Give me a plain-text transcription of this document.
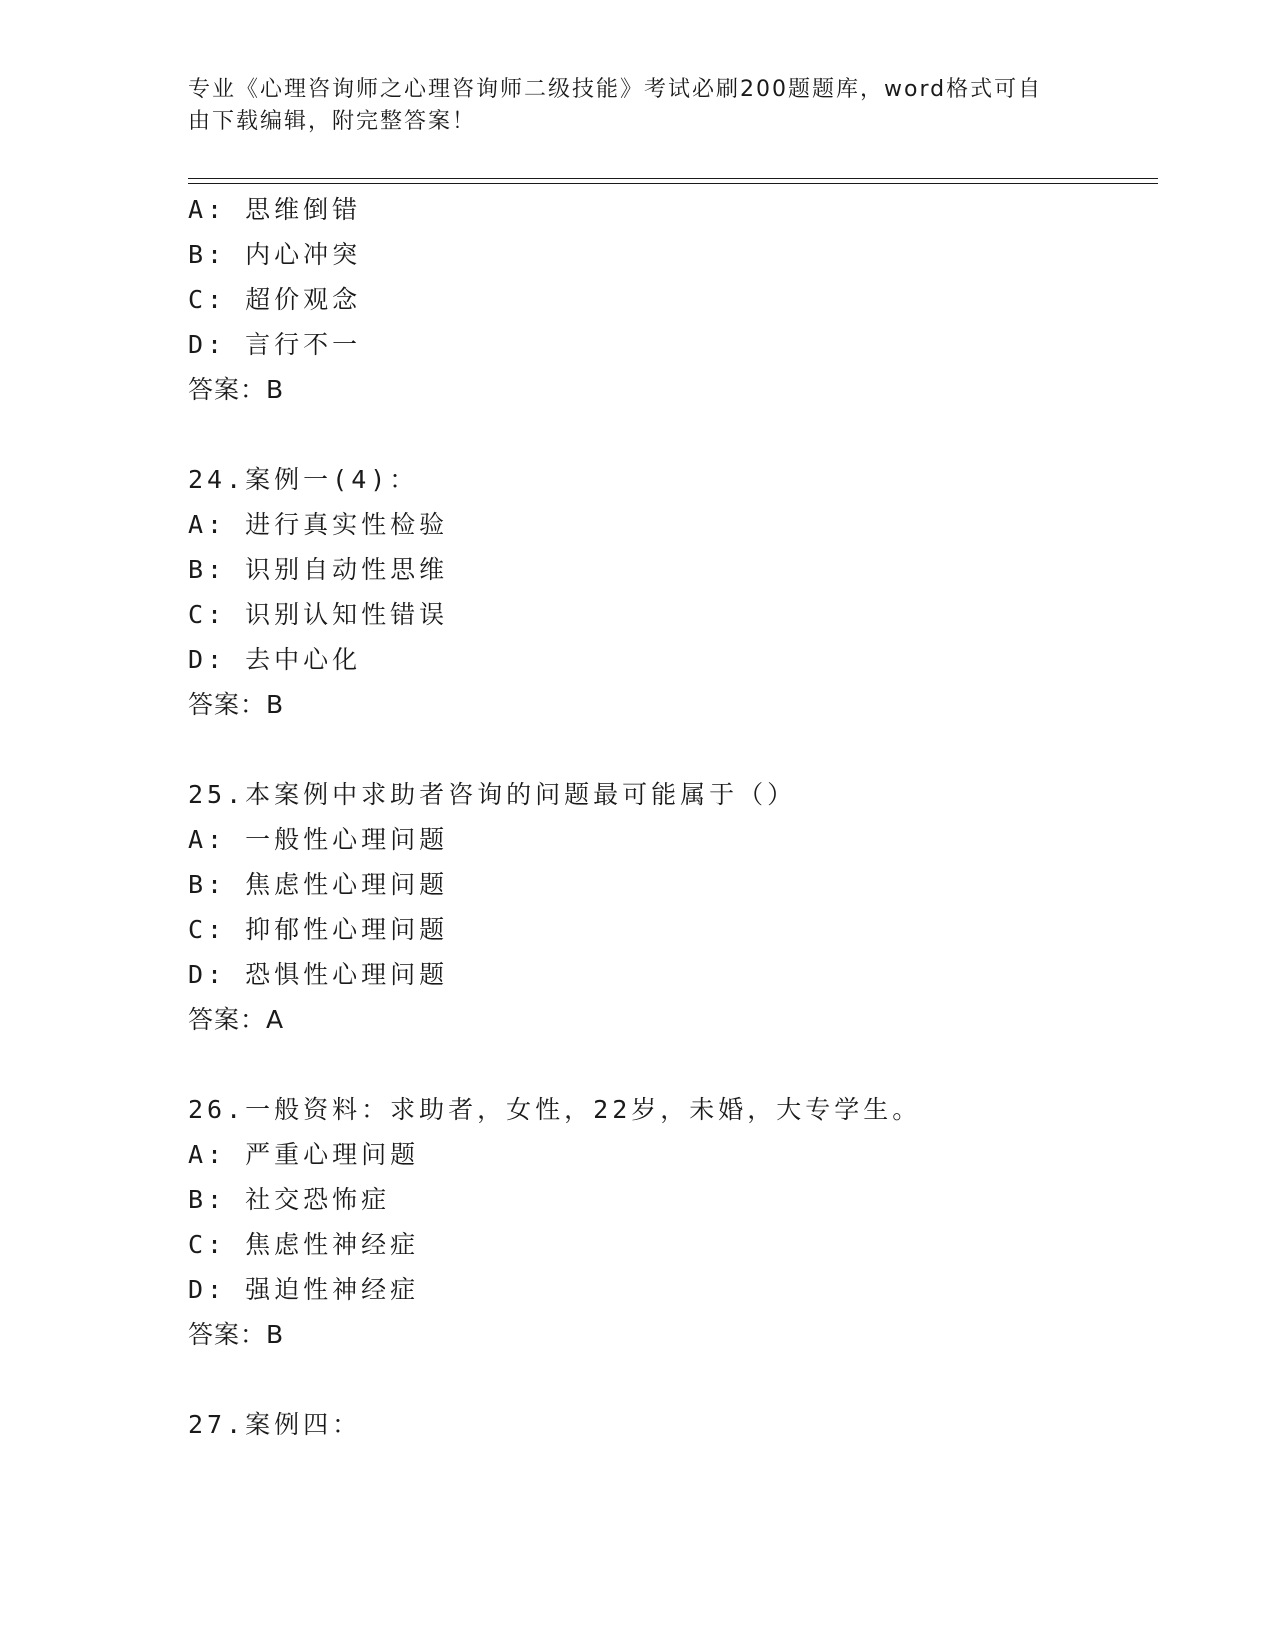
专业《心理咨询师之心理咨询师二级技能》考试必刷200题题库，word格式可自
由下载编辑，附完整答案！
A: 思维倒错
B: 内心冲突
C: 超价观念
D: 言行不一
答案：B
24.案例一(4)：
A: 进行真实性检验
B: 识别自动性思维
C: 识别认知性错误
D: 去中心化
答案：B
25.本案例中求助者咨询的问题最可能属于（）
A: 一般性心理问题
B: 焦虑性心理问题
C: 抑郁性心理问题
D: 恐惧性心理问题
答案：A
26.一般资料：求助者，女性，22岁，未婚，大专学生。
A: 严重心理问题
B: 社交恐怖症
C: 焦虑性神经症
D: 强迫性神经症
答案：B
27.案例四：
